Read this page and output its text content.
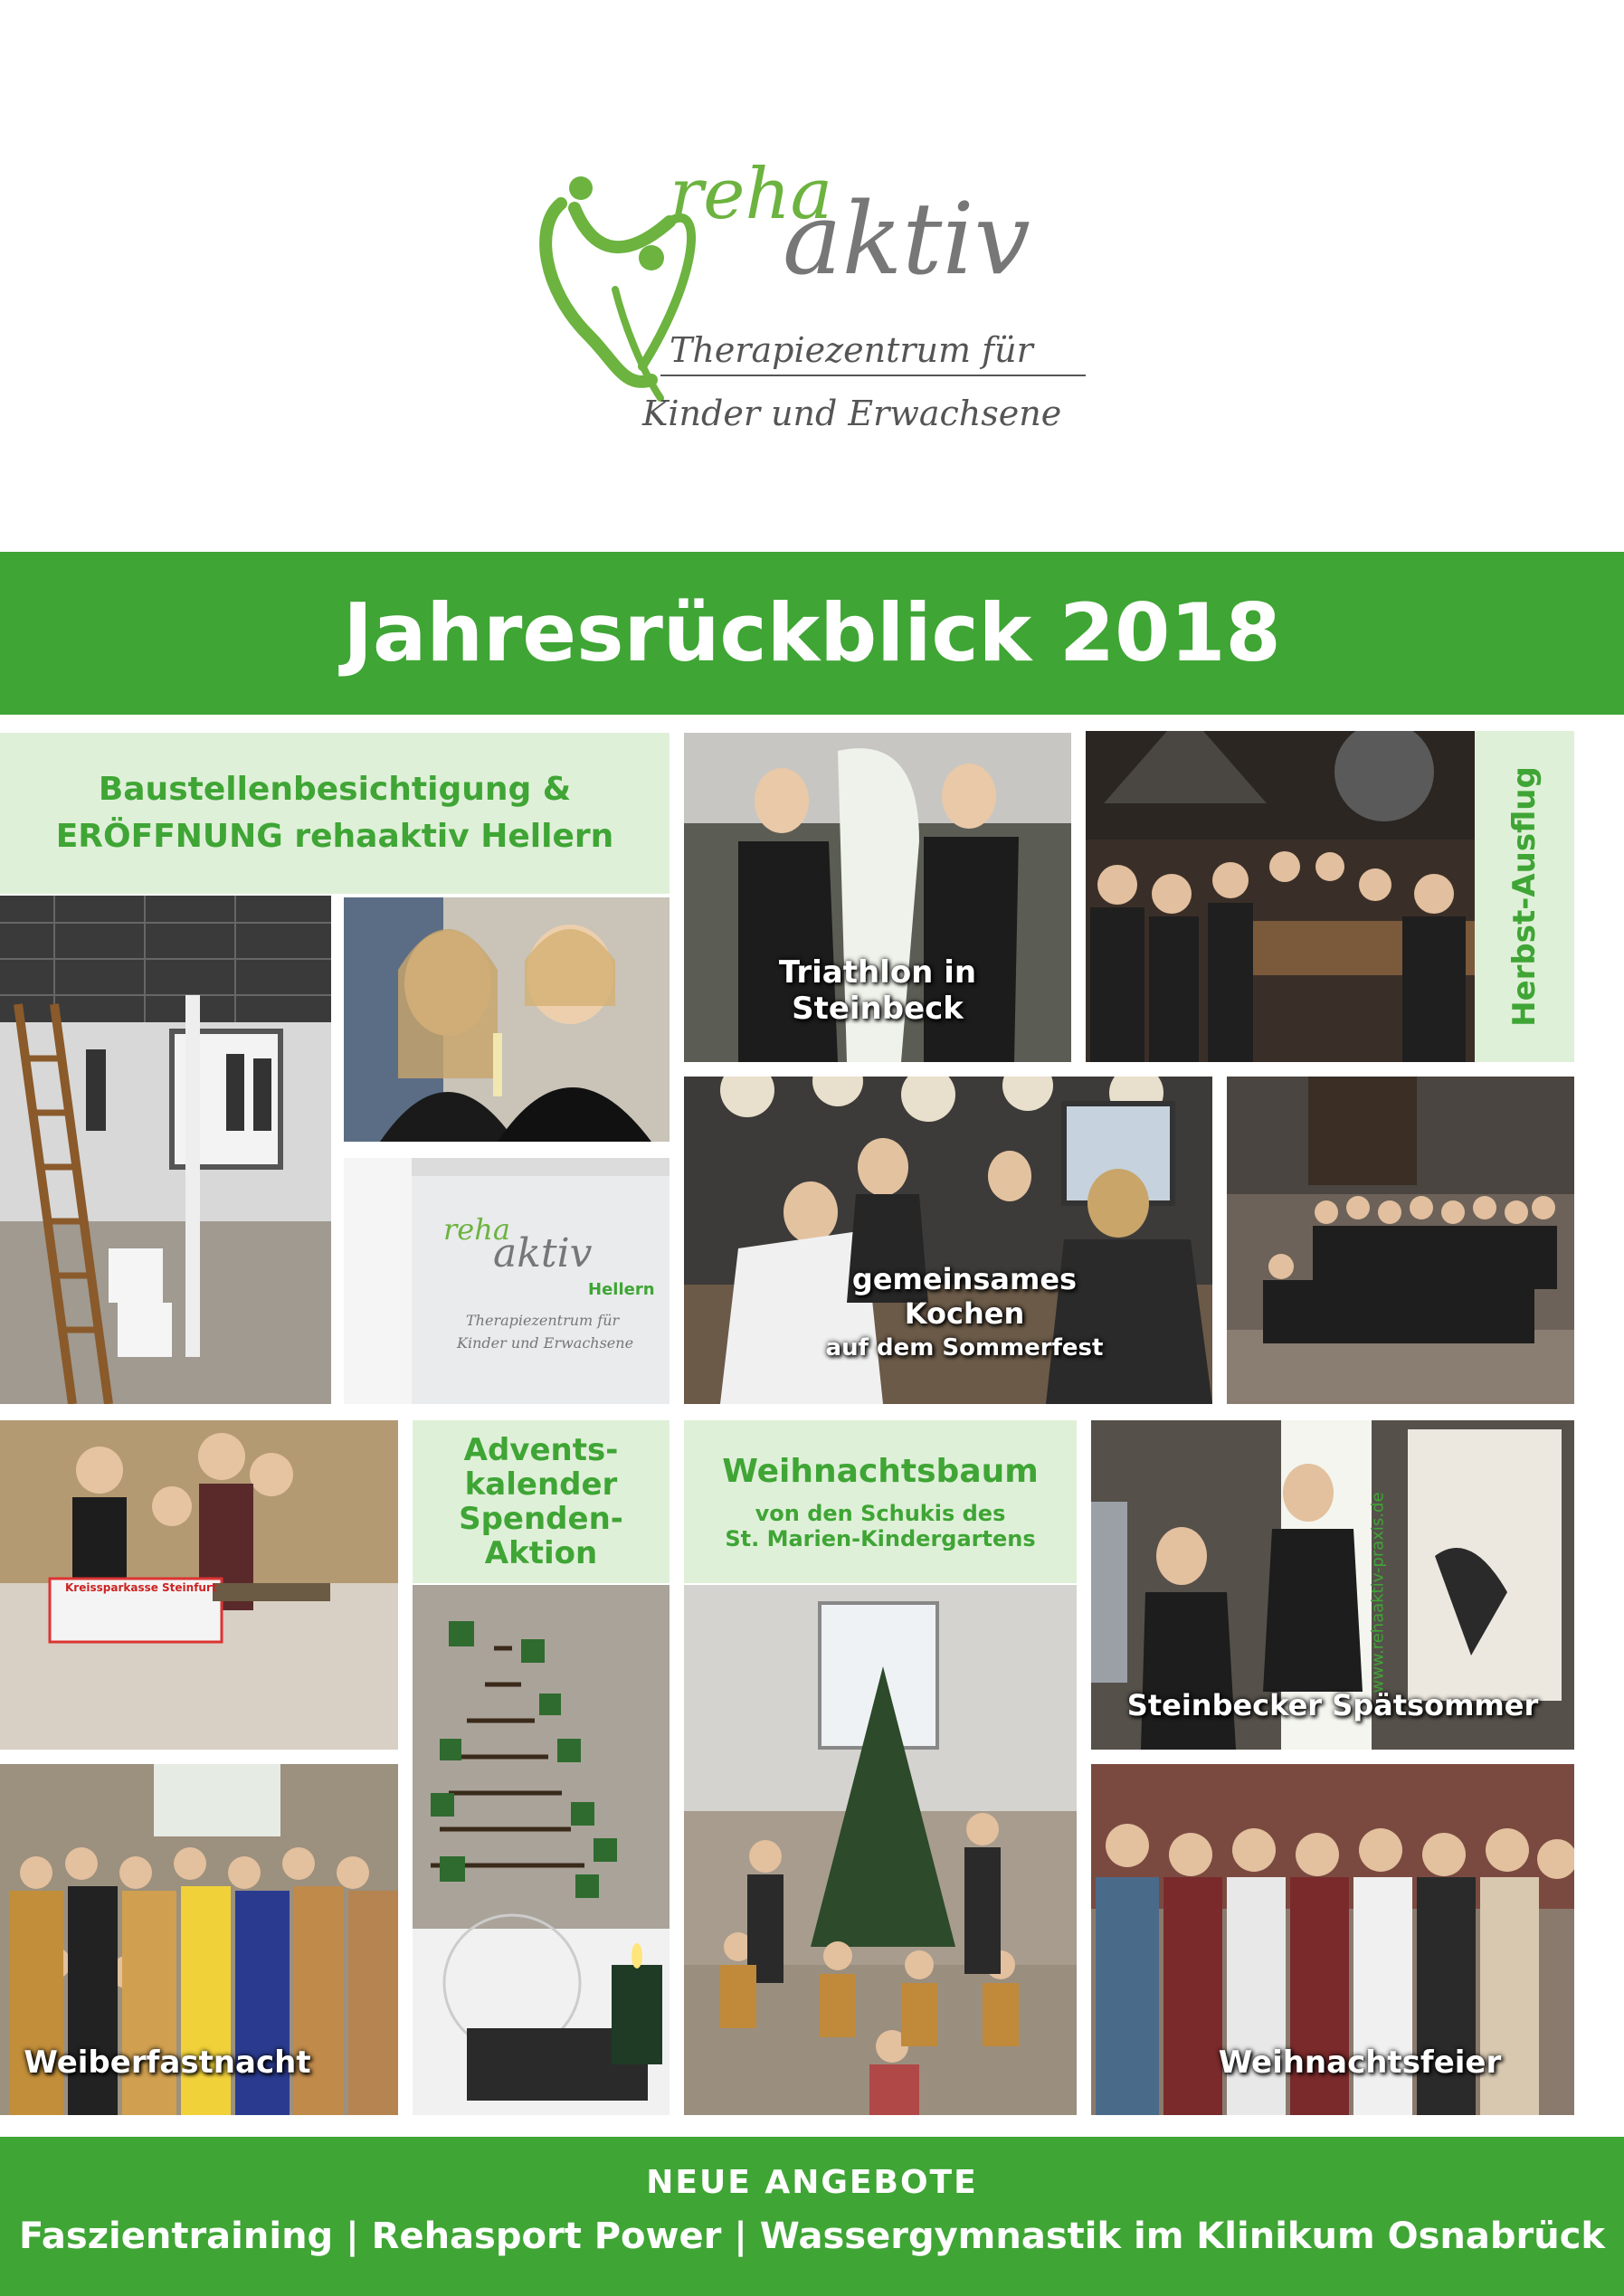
reha
aktiv
Therapiezentrum für
Kinder und Erwachsene
Jahresrückblick 2018
Baustellenbesichtigung &
ERÖFFNUNG rehaaktiv Hellern
reha
aktiv
Hellern
Therapiezentrum für
Kinder und Erwachsene
Triathlon in
Steinbeck	Herbst-Ausflug
gemeinsames
Kochen
auf dem Sommerfest
Kreissparkasse Steinfurt
Advents-
kalender
Spenden-
Aktion
Weihnachtsbaum
von den Schukis des
St. Marien-Kindergartens	www.rehaaktiv-praxis.de
Steinbecker Spätsommer
Weiberfastnacht	Weihnachtsfeier
NEUE ANGEBOTE
Faszientraining | Rehasport Power | Wassergymnastik im Klinikum Osnabrück
